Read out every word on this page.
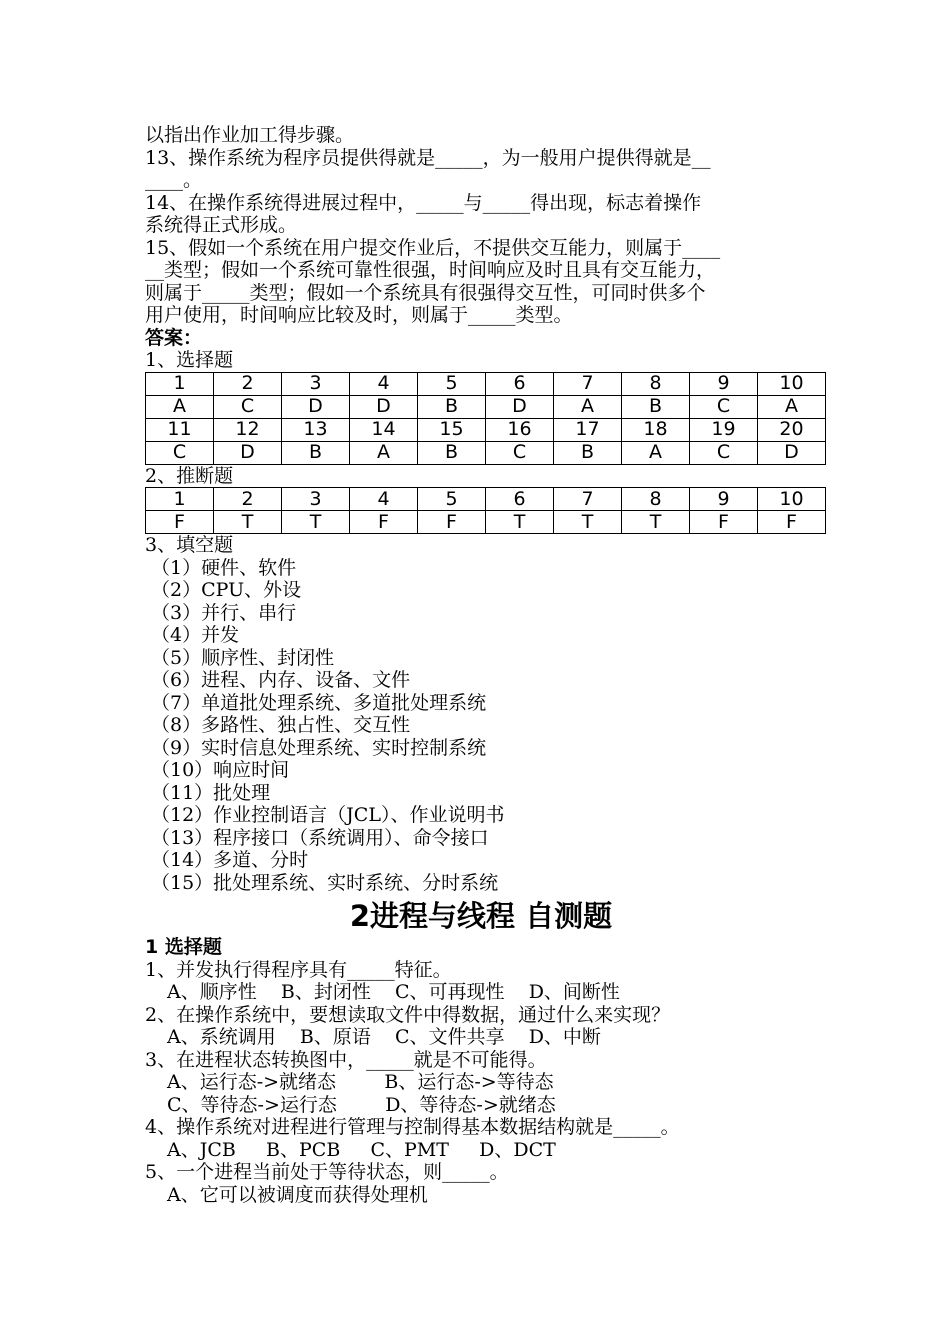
以指出作业加工得步骤。
13、操作系统为程序员提供得就是_____，为一般用户提供得就是__
____。
14、在操作系统得进展过程中，_____与_____得出现，标志着操作
系统得正式形成。
15、假如一个系统在用户提交作业后，不提供交互能力，则属于____
__类型；假如一个系统可靠性很强，时间响应及时且具有交互能力，
则属于_____类型；假如一个系统具有很强得交互性，可同时供多个
用户使用，时间响应比较及时，则属于_____类型。
答案：
1、选择题
1	2	3	4	5	6	7	8	9	10
A	C	D	D	B	D	A	B	C	A
11	12	13	14	15	16	17	18	19	20
C	D	B	A	B	C	B	A	C	D
2、推断题
1	2	3	4	5	6	7	8	9	10
F	T	T	F	F	T	T	T	F	F
3、填空题
（1）硬件、软件
（2）CPU、外设
（3）并行、串行
（4）并发
（5）顺序性、封闭性
（6）进程、内存、设备、文件
（7）单道批处理系统、多道批处理系统
（8）多路性、独占性、交互性
（9）实时信息处理系统、实时控制系统
（10）响应时间
（11）批处理
（12）作业控制语言（JCL）、作业说明书
（13）程序接口（系统调用）、命令接口
（14）多道、分时
（15）批处理系统、实时系统、分时系统
2进程与线程 自测题
1 选择题
1、并发执行得程序具有_____特征。
A、顺序性    B、封闭性    C、可再现性    D、间断性
2、在操作系统中，要想读取文件中得数据，通过什么来实现？
A、系统调用    B、原语    C、文件共享    D、中断
3、在进程状态转换图中，_____就是不可能得。
A、运行态->就绪态        B、运行态->等待态
C、等待态->运行态        D、等待态->就绪态
4、操作系统对进程进行管理与控制得基本数据结构就是_____。
A、JCB     B、PCB     C、PMT     D、DCT
5、一个进程当前处于等待状态，则_____。
A、它可以被调度而获得处理机
